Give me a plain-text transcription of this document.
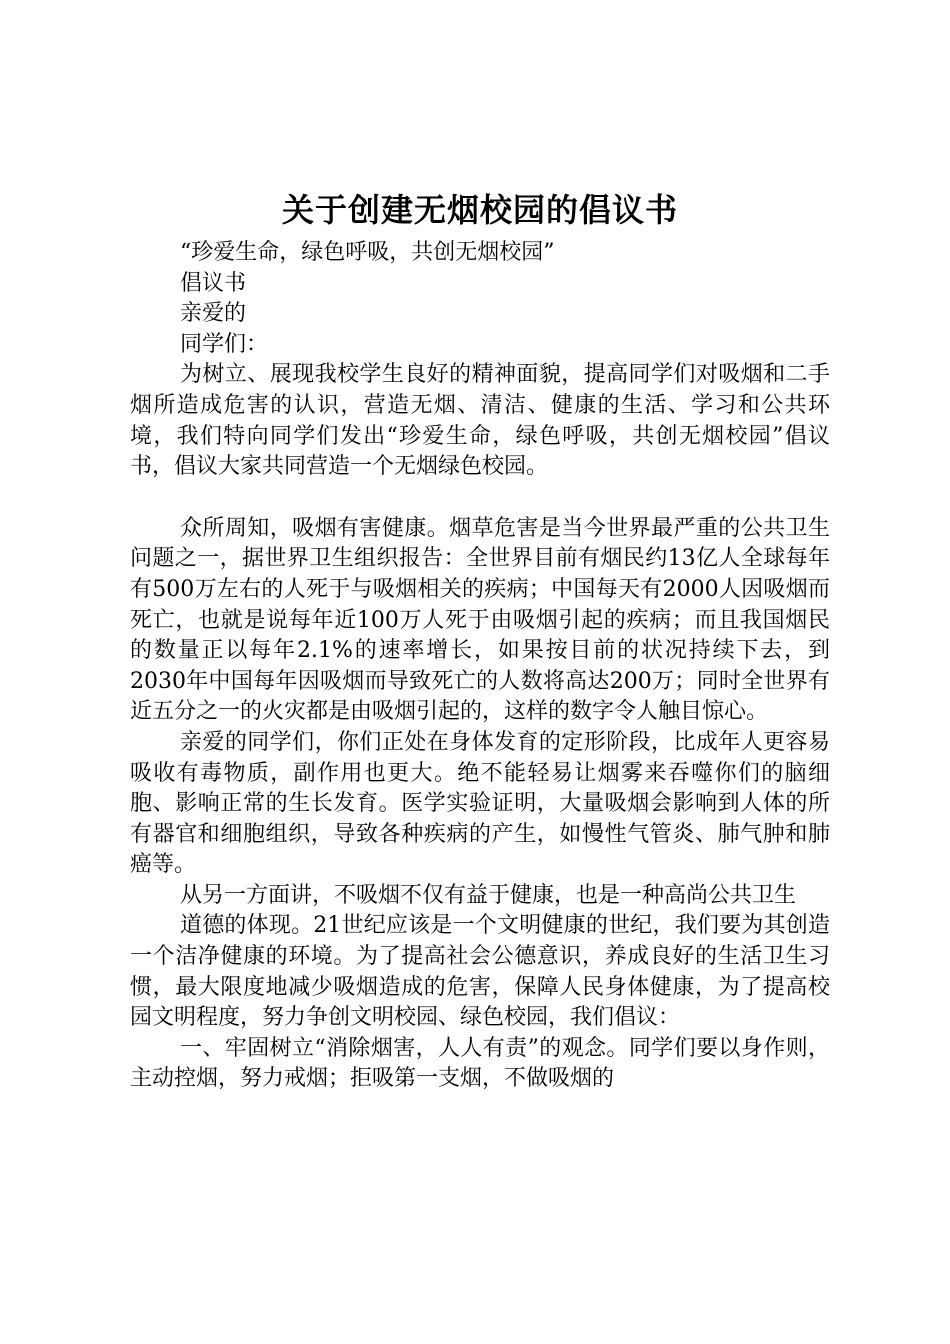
关于创建无烟校园的倡议书

“珍爱生命，绿色呼吸，共创无烟校园”

倡议书

亲爱的

同学们：

为树立、展现我校学生良好的精神面貌，提高同学们对吸烟和二手烟所造成危害的认识，营造无烟、清洁、健康的生活、学习和公共环境，我们特向同学们发出“珍爱生命，绿色呼吸，共创无烟校园”倡议书，倡议大家共同营造一个无烟绿色校园。

众所周知，吸烟有害健康。烟草危害是当今世界最严重的公共卫生问题之一，据世界卫生组织报告：全世界目前有烟民约13亿人全球每年有500万左右的人死于与吸烟相关的疾病；中国每天有2000人因吸烟而死亡，也就是说每年近100万人死于由吸烟引起的疾病；而且我国烟民的数量正以每年2.1%的速率增长，如果按目前的状况持续下去，到2030年中国每年因吸烟而导致死亡的人数将高达200万；同时全世界有近五分之一的火灾都是由吸烟引起的，这样的数字令人触目惊心。

亲爱的同学们，你们正处在身体发育的定形阶段，比成年人更容易吸收有毒物质，副作用也更大。绝不能轻易让烟雾来吞噬你们的脑细胞、影响正常的生长发育。医学实验证明，大量吸烟会影响到人体的所有器官和细胞组织，导致各种疾病的产生，如慢性气管炎、肺气肿和肺癌等。

从另一方面讲，不吸烟不仅有益于健康，也是一种高尚公共卫生

道德的体现。21世纪应该是一个文明健康的世纪，我们要为其创造一个洁净健康的环境。为了提高社会公德意识，养成良好的生活卫生习惯，最大限度地减少吸烟造成的危害，保障人民身体健康，为了提高校园文明程度，努力争创文明校园、绿色校园，我们倡议：

一、牢固树立“消除烟害，人人有责”的观念。同学们要以身作则，主动控烟，努力戒烟；拒吸第一支烟，不做吸烟的
